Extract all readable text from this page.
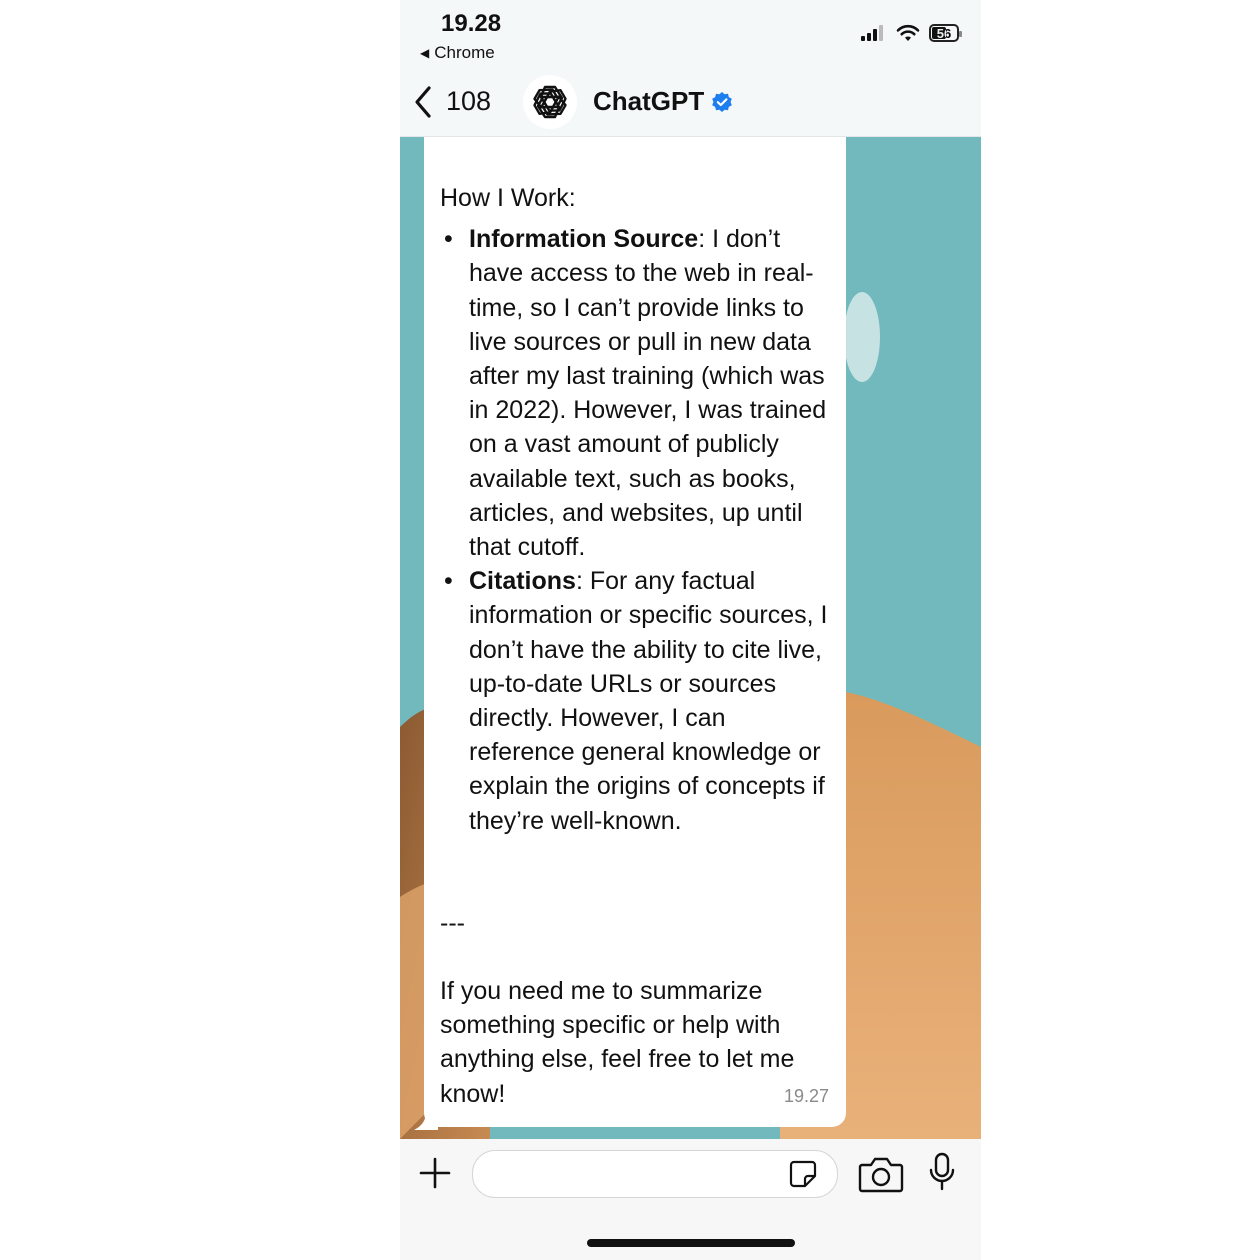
19.28
◀ Chrome
56
108	ChatGPT

How I Work:

• Information Source: I don’t have access to the web in real-time, so I can’t provide links to live sources or pull in new data after my last training (which was in 2022). However, I was trained on a vast amount of publicly available text, such as books, articles, and websites, up until that cutoff.
• Citations: For any factual information or specific sources, I don’t have the ability to cite live, up-to-date URLs or sources directly. However, I can reference general knowledge or explain the origins of concepts if they’re well-known.

---

If you need me to summarize something specific or help with anything else, feel free to let me know!	19.27
